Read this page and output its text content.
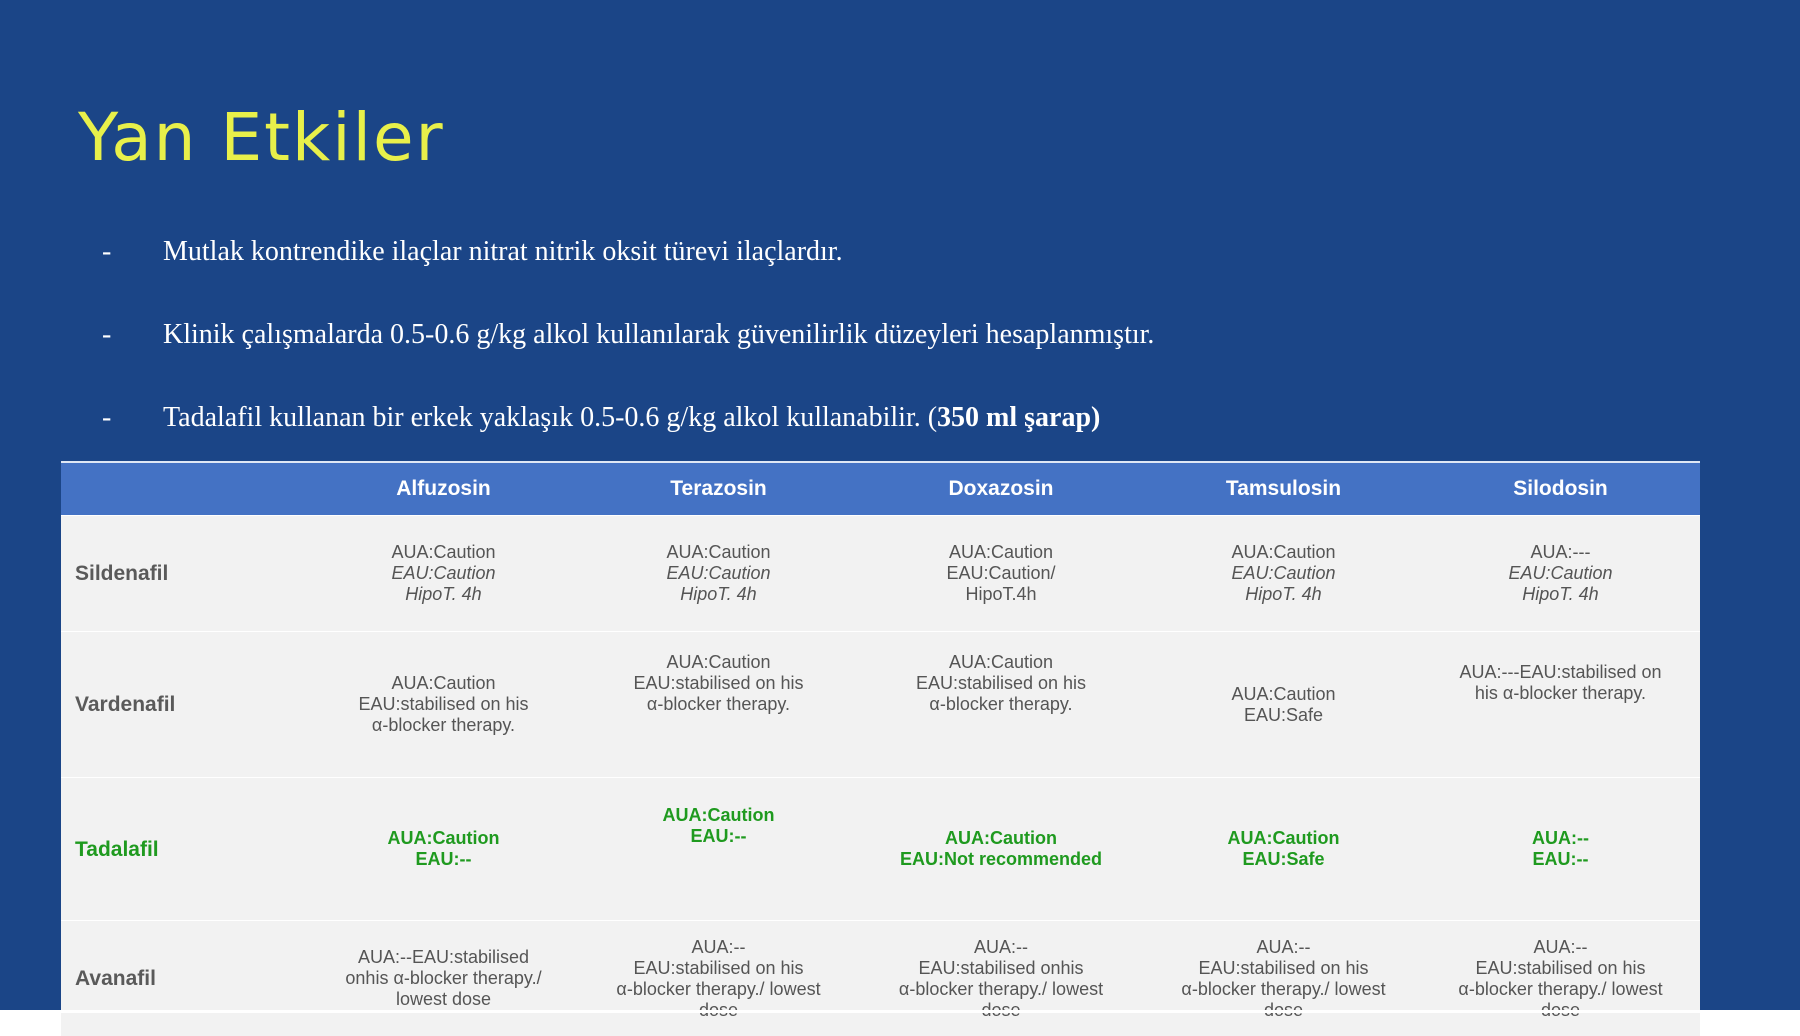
Yan Etkiler
- Mutlak kontrendike ilaçlar nitrat nitrik oksit türevi ilaçlardır.
- Klinik çalışmalarda 0.5-0.6 g/kg alkol kullanılarak güvenilirlik düzeyleri hesaplanmıştır.
- Tadalafil kullanan bir erkek yaklaşık 0.5-0.6 g/kg alkol kullanabilir. (350 ml şarap)
	Alfuzosin	Terazosin	Doxazosin	Tamsulosin	Silodosin
Sildenafil	AUA:Caution
EAU:Caution
HipoT. 4h	AUA:Caution
EAU:Caution
HipoT. 4h	AUA:Caution
EAU:Caution/
HipoT.4h	AUA:Caution
EAU:Caution
HipoT. 4h	AUA:---
EAU:Caution
HipoT. 4h

Vardenafil	AUA:Caution
EAU:stabilised on his
α-blocker therapy.	AUA:Caution
EAU:stabilised on his
α-blocker therapy.	AUA:Caution
EAU:stabilised on his
α-blocker therapy.	AUA:Caution
EAU:Safe	AUA:---EAU:stabilised on
his α-blocker therapy.

Tadalafil	AUA:Caution
EAU:--	AUA:Caution
EAU:--	AUA:Caution
EAU:Not recommended	AUA:Caution
EAU:Safe	AUA:--
EAU:--

Avanafil	AUA:--EAU:stabilised
onhis α-blocker therapy./
lowest dose	AUA:--
EAU:stabilised on his
α-blocker therapy./ lowest	AUA:--
EAU:stabilised onhis
α-blocker therapy./ lowest	AUA:--
EAU:stabilised on his
α-blocker therapy./ lowest	AUA:--
EAU:stabilised on his
α-blocker therapy./ lowest
